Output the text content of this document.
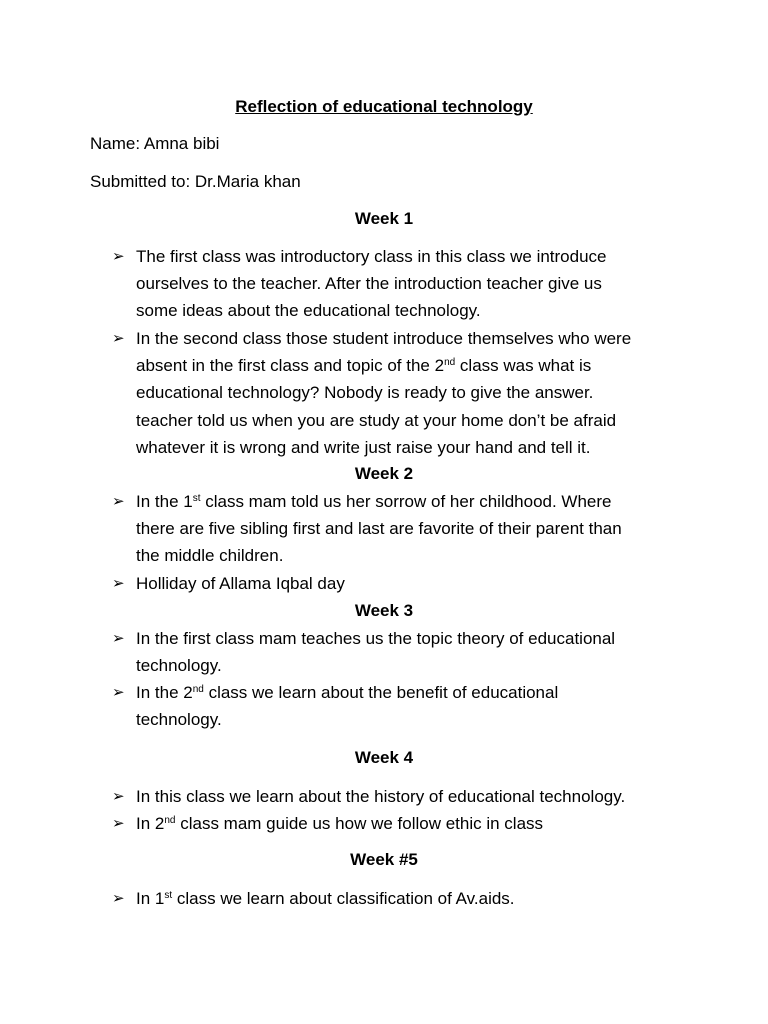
Reflection of educational technology
Name: Amna bibi
Submitted to: Dr.Maria khan
Week 1
➢ The first class was introductory class in this class we introduce
ourselves to the teacher. After the introduction teacher give us
some ideas about the educational technology.
➢ In the second class those student introduce themselves who were
absent in the first class and topic of the 2nd class was what is
educational technology? Nobody is ready to give the answer.
teacher told us when you are study at your home don’t be afraid
whatever it is wrong and write just raise your hand and tell it.
Week 2
➢ In the 1st class mam told us her sorrow of her childhood. Where
there are five sibling first and last are favorite of their parent than
the middle children.
➢ Holliday of Allama Iqbal day
Week 3
➢ In the first class mam teaches us the topic theory of educational
technology.
➢ In the 2nd class we learn about the benefit of educational
technology.
Week 4
➢ In this class we learn about the history of educational technology.
➢ In 2nd class mam guide us how we follow ethic in class
Week #5
➢ In 1st class we learn about classification of Av.aids.
